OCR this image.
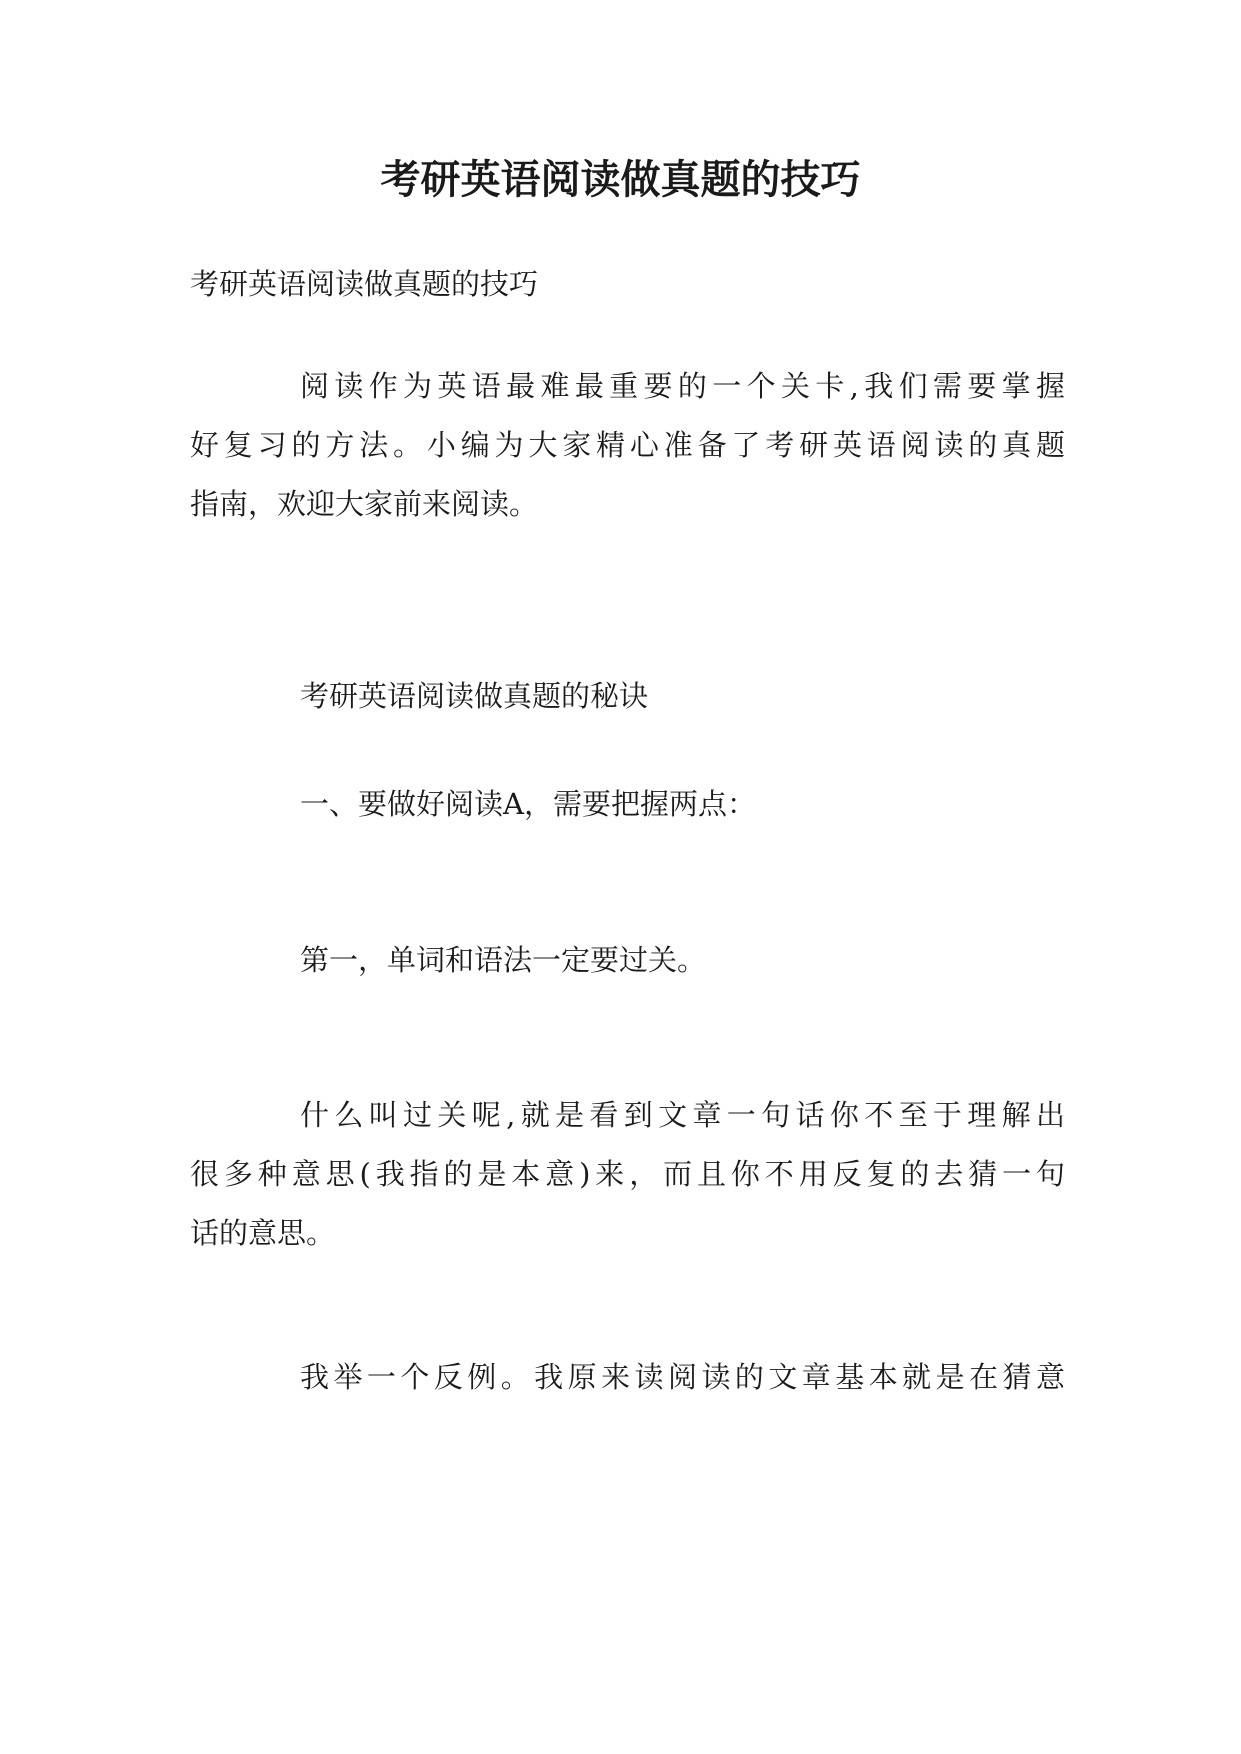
考研英语阅读做真题的技巧

考研英语阅读做真题的技巧

阅读作为英语最难最重要的一个关卡,我们需要掌握
好复习的方法。小编为大家精心准备了考研英语阅读的真题
指南，欢迎大家前来阅读。

考研英语阅读做真题的秘诀

一、要做好阅读A，需要把握两点：

第一，单词和语法一定要过关。

什么叫过关呢,就是看到文章一句话你不至于理解出
很多种意思(我指的是本意)来，而且你不用反复的去猜一句
话的意思。
我举一个反例。我原来读阅读的文章基本就是在猜意
